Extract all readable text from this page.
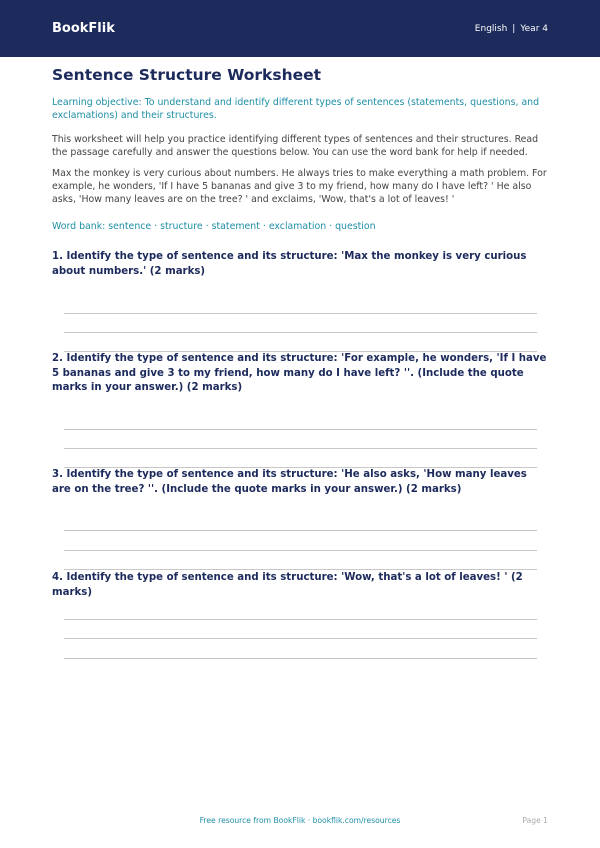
BookFlik	English | Year 4
Sentence Structure Worksheet
Learning objective: To understand and identify different types of sentences (statements, questions, and exclamations) and their structures.
This worksheet will help you practice identifying different types of sentences and their structures. Read the passage carefully and answer the questions below. You can use the word bank for help if needed.
Max the monkey is very curious about numbers. He always tries to make everything a math problem. For example, he wonders, 'If I have 5 bananas and give 3 to my friend, how many do I have left? ' He also asks, 'How many leaves are on the tree? ' and exclaims, 'Wow, that's a lot of leaves! '
Word bank: sentence · structure · statement · exclamation · question
1. Identify the type of sentence and its structure: 'Max the monkey is very curious about numbers.' (2 marks)
2. Identify the type of sentence and its structure: 'For example, he wonders, 'If I have 5 bananas and give 3 to my friend, how many do I have left? ''. (Include the quote marks in your answer.) (2 marks)
3. Identify the type of sentence and its structure: 'He also asks, 'How many leaves are on the tree? ''. (Include the quote marks in your answer.) (2 marks)
4. Identify the type of sentence and its structure: 'Wow, that's a lot of leaves! ' (2 marks)
Free resource from BookFlik · bookflik.com/resources	Page 1
